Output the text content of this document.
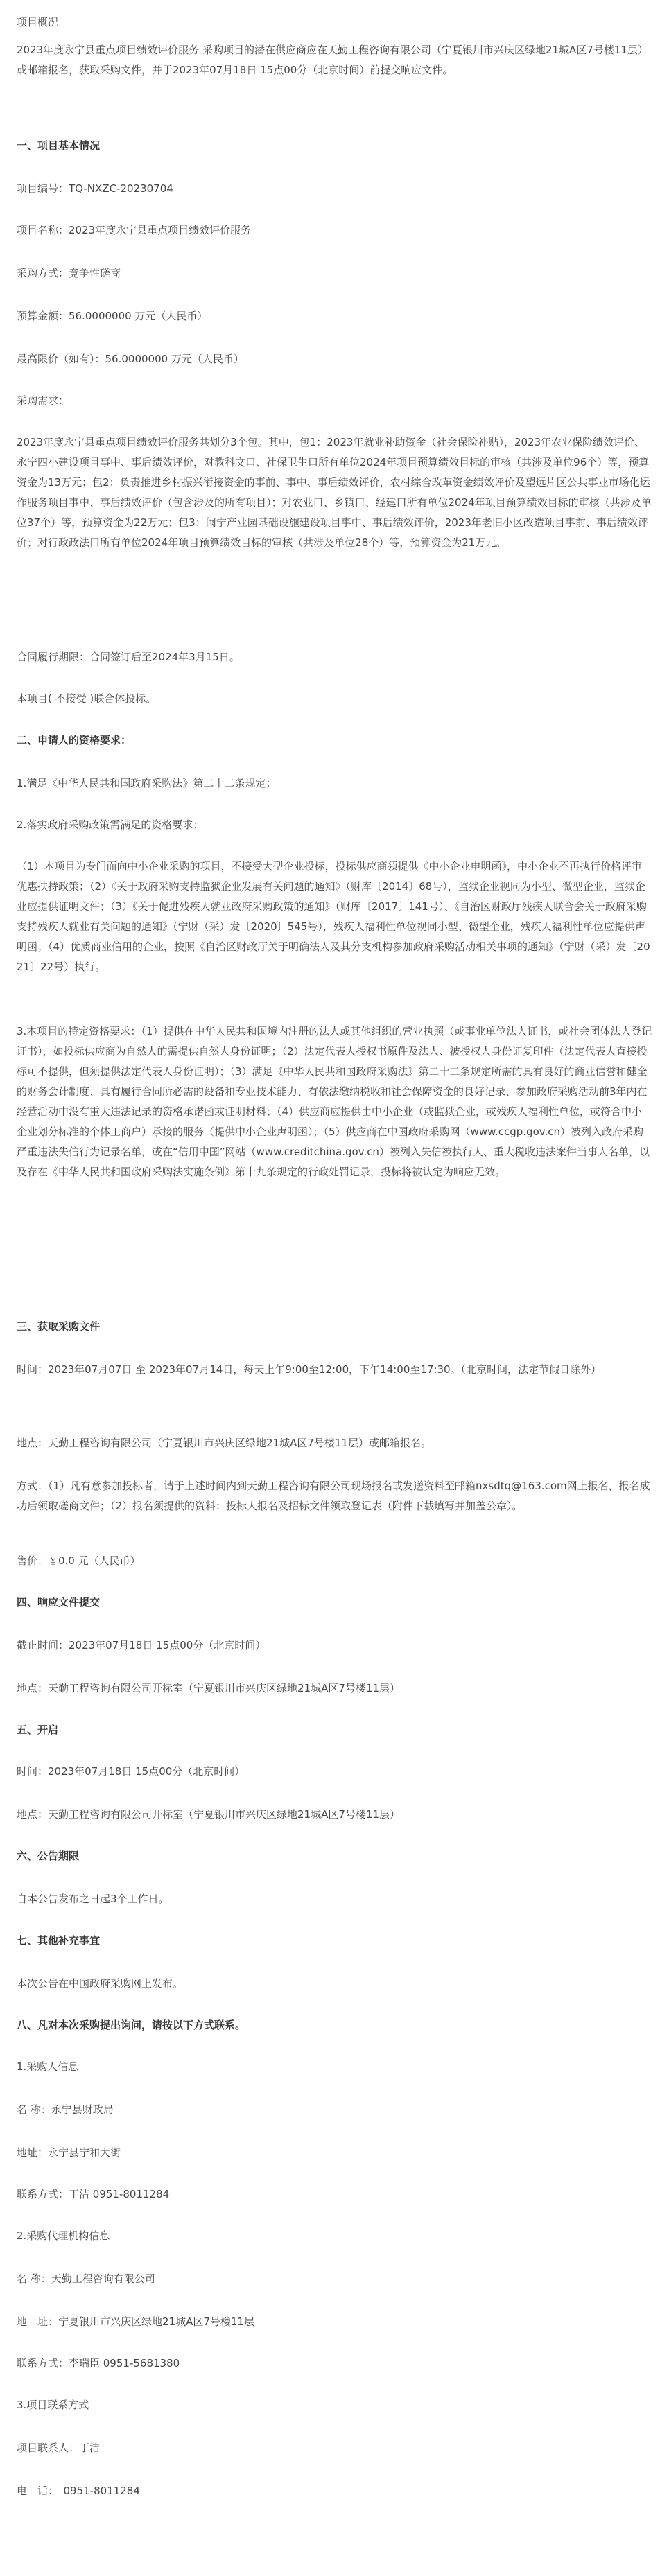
项目概况

2023年度永宁县重点项目绩效评价服务 采购项目的潜在供应商应在天勤工程咨询有限公司（宁夏银川市兴庆区绿地21城A区7号楼11层）或邮箱报名，获取采购文件，并于2023年07月18日 15点00分（北京时间）前提交响应文件。

一、项目基本情况

项目编号：TQ-NXZC-20230704

项目名称：2023年度永宁县重点项目绩效评价服务

采购方式：竞争性磋商

预算金额：56.0000000 万元（人民币）

最高限价（如有）：56.0000000 万元（人民币）

采购需求：

2023年度永宁县重点项目绩效评价服务共划分3个包。其中，包1：2023年就业补助资金（社会保险补贴），2023年农业保险绩效评价、永宁四小建设项目事中、事后绩效评价，对教科文口、社保卫生口所有单位2024年项目预算绩效目标的审核（共涉及单位96个）等，预算资金为13万元；包2：负责推进乡村振兴衔接资金的事前、事中、事后绩效评价，农村综合改革资金绩效评价及望远片区公共事业市场化运作服务项目事中、事后绩效评价（包含涉及的所有项目）；对农业口、乡镇口、经建口所有单位2024年项目预算绩效目标的审核（共涉及单位37个）等，预算资金为22万元；包3：闽宁产业园基础设施建设项目事中、事后绩效评价，2023年老旧小区改造项目事前、事后绩效评价；对行政政法口所有单位2024年项目预算绩效目标的审核（共涉及单位28个）等，预算资金为21万元。

合同履行期限：合同签订后至2024年3月15日。

本项目( 不接受 )联合体投标。

二、申请人的资格要求：

1.满足《中华人民共和国政府采购法》第二十二条规定；

2.落实政府采购政策需满足的资格要求：

（1）本项目为专门面向中小企业采购的项目，不接受大型企业投标，投标供应商须提供《中小企业申明函》，中小企业不再执行价格评审优惠扶持政策；（2）《关于政府采购支持监狱企业发展有关问题的通知》（财库〔2014〕68号），监狱企业视同为小型、微型企业，监狱企业应提供证明文件；（3）《关于促进残疾人就业政府采购政策的通知》（财库〔2017〕141号）、《自治区财政厅残疾人联合会关于政府采购支持残疾人就业有关问题的通知》（宁财（采）发〔2020〕545号），残疾人福利性单位视同小型、微型企业，残疾人福利性单位应提供声明函；（4）优质商业信用的企业，按照《自治区财政厅关于明确法人及其分支机构参加政府采购活动相关事项的通知》（宁财（采）发〔2021〕22号）执行。

3.本项目的特定资格要求：（1）提供在中华人民共和国境内注册的法人或其他组织的营业执照（或事业单位法人证书，或社会团体法人登记证书），如投标供应商为自然人的需提供自然人身份证明；（2）法定代表人授权书原件及法人、被授权人身份证复印件（法定代表人直接投标可不提供，但须提供法定代表人身份证明）；（3）满足《中华人民共和国政府采购法》第二十二条规定所需的具有良好的商业信誉和健全的财务会计制度、具有履行合同所必需的设备和专业技术能力、有依法缴纳税收和社会保障资金的良好记录、参加政府采购活动前3年内在经营活动中没有重大违法记录的资格承诺函或证明材料；（4）供应商应提供由中小企业（或监狱企业，或残疾人福利性单位，或符合中小企业划分标准的个体工商户）承接的服务（提供中小企业声明函）；（5）供应商在中国政府采购网（www.ccgp.gov.cn）被列入政府采购严重违法失信行为记录名单，或在“信用中国”网站（www.creditchina.gov.cn）被列入失信被执行人、重大税收违法案件当事人名单，以及存在《中华人民共和国政府采购法实施条例》第十九条规定的行政处罚记录，投标将被认定为响应无效。

三、获取采购文件

时间：2023年07月07日 至 2023年07月14日，每天上午9:00至12:00，下午14:00至17:30。（北京时间，法定节假日除外）

地点：天勤工程咨询有限公司（宁夏银川市兴庆区绿地21城A区7号楼11层）或邮箱报名。

方式：（1）凡有意参加投标者，请于上述时间内到天勤工程咨询有限公司现场报名或发送资料至邮箱nxsdtq@163.com网上报名，报名成功后领取磋商文件；（2）报名须提供的资料：投标人报名及招标文件领取登记表（附件下载填写并加盖公章）。

售价：￥0.0 元（人民币）

四、响应文件提交

截止时间：2023年07月18日 15点00分（北京时间）

地点：天勤工程咨询有限公司开标室（宁夏银川市兴庆区绿地21城A区7号楼11层）

五、开启

时间：2023年07月18日 15点00分（北京时间）

地点：天勤工程咨询有限公司开标室（宁夏银川市兴庆区绿地21城A区7号楼11层）

六、公告期限

自本公告发布之日起3个工作日。

七、其他补充事宜

本次公告在中国政府采购网上发布。

八、凡对本次采购提出询问，请按以下方式联系。

1.采购人信息

名 称：永宁县财政局

地址：永宁县宁和大街

联系方式：丁洁 0951-8011284

2.采购代理机构信息

名 称：天勤工程咨询有限公司

地　址：宁夏银川市兴庆区绿地21城A区7号楼11层

联系方式：李瑞臣 0951-5681380

3.项目联系方式

项目联系人：丁洁

电　话：　0951-8011284
